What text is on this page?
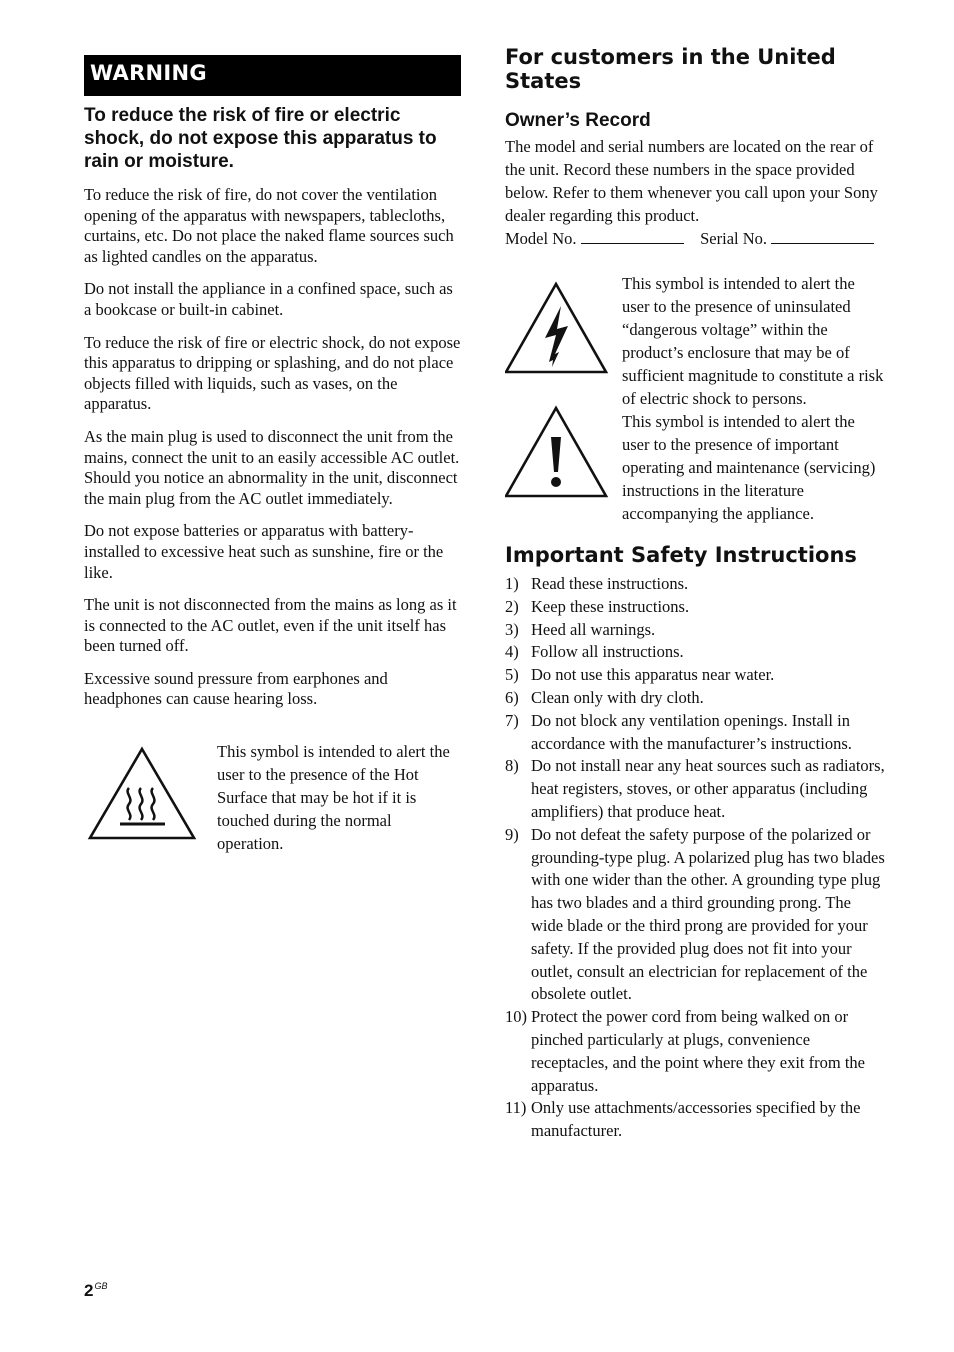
WARNING
To reduce the risk of fire or electric shock, do not expose this apparatus to rain or moisture.

To reduce the risk of fire, do not cover the ventilation opening of the apparatus with newspapers, tablecloths, curtains, etc. Do not place the naked flame sources such as lighted candles on the apparatus.

Do not install the appliance in a confined space, such as a bookcase or built-in cabinet.

To reduce the risk of fire or electric shock, do not expose this apparatus to dripping or splashing, and do not place objects filled with liquids, such as vases, on the apparatus.

As the main plug is used to disconnect the unit from the mains, connect the unit to an easily accessible AC outlet. Should you notice an abnormality in the unit, disconnect the main plug from the AC outlet immediately.

Do not expose batteries or apparatus with battery-installed to excessive heat such as sunshine, fire or the like.

The unit is not disconnected from the mains as long as it is connected to the AC outlet, even if the unit itself has been turned off.

Excessive sound pressure from earphones and headphones can cause hearing loss.

This symbol is intended to alert the user to the presence of the Hot Surface that may be hot if it is touched during the normal operation.

For customers in the United States
Owner’s Record

The model and serial numbers are located on the rear of the unit. Record these numbers in the space provided below. Refer to them whenever you call upon your Sony dealer regarding this product.

Model No.	Serial No.

This symbol is intended to alert the user to the presence of uninsulated “dangerous voltage” within the product’s enclosure that may be of sufficient magnitude to constitute a risk of electric shock to persons.

This symbol is intended to alert the user to the presence of important operating and maintenance (servicing) instructions in the literature accompanying the appliance.

Important Safety Instructions
1) Read these instructions.
2) Keep these instructions.
3) Heed all warnings.
4) Follow all instructions.
5) Do not use this apparatus near water.
6) Clean only with dry cloth.
7) Do not block any ventilation openings. Install in accordance with the manufacturer’s instructions.
8) Do not install near any heat sources such as radiators, heat registers, stoves, or other apparatus (including amplifiers) that produce heat.
9) Do not defeat the safety purpose of the polarized or grounding-type plug. A polarized plug has two blades with one wider than the other. A grounding type plug has two blades and a third grounding prong. The wide blade or the third prong are provided for your safety. If the provided plug does not fit into your outlet, consult an electrician for replacement of the obsolete outlet.
10) Protect the power cord from being walked on or pinched particularly at plugs, convenience receptacles, and the point where they exit from the apparatus.
11) Only use attachments/accessories specified by the manufacturer.
$2^{GB}$
